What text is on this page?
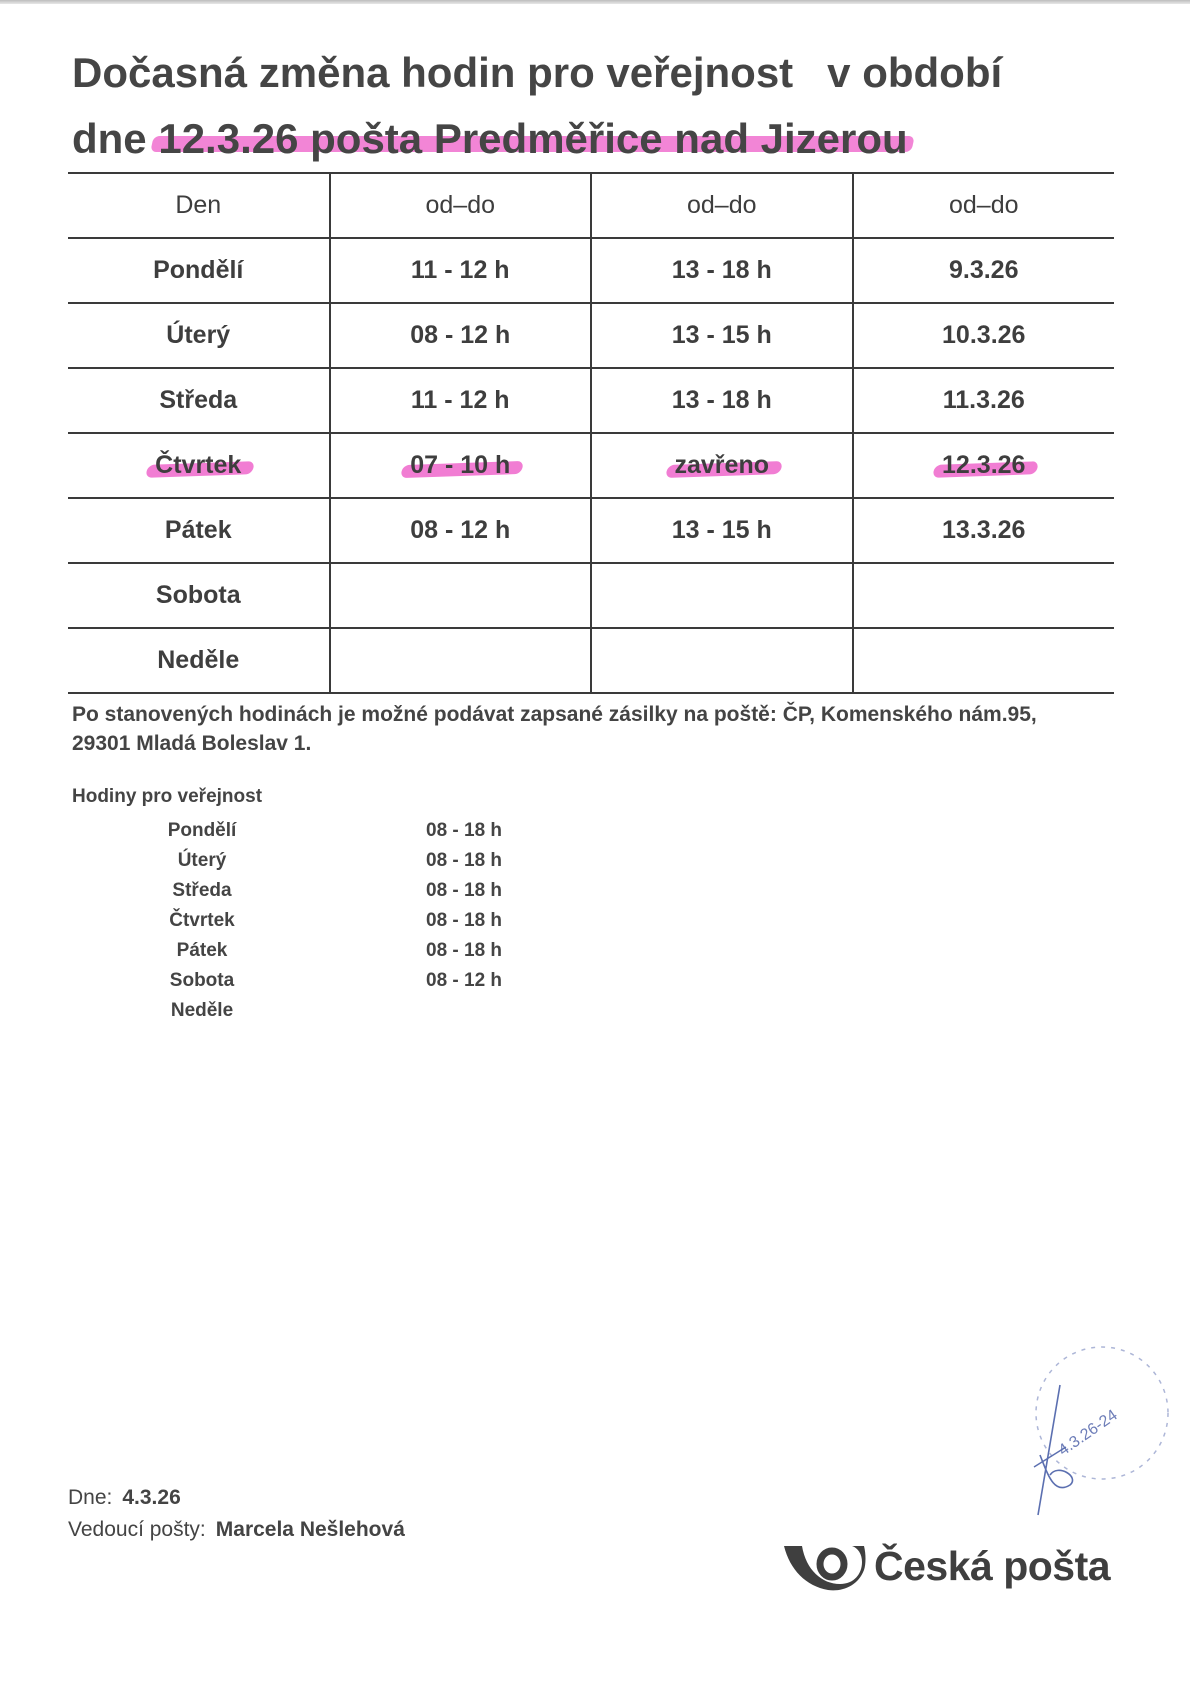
Dočasná změna hodin pro veřejnost v období
dne 12.3.26 pošta Predměřice nad Jizerou
Den	od–do	od–do	od–do
Pondělí	11 - 12 h	13 - 18 h	9.3.26
Úterý	08 - 12 h	13 - 15 h	10.3.26
Středa	11 - 12 h	13 - 18 h	11.3.26
Čtvrtek	07 - 10 h	zavřeno	12.3.26
Pátek	08 - 12 h	13 - 15 h	13.3.26
Sobota			
Neděle			

Po stanovených hodinách je možné podávat zapsané zásilky na poště: ČP, Komenského nám.95, 29301 Mladá Boleslav 1.

Hodiny pro veřejnost
Pondělí	08 - 18 h
Úterý	08 - 18 h
Středa	08 - 18 h
Čtvrtek	08 - 18 h
Pátek	08 - 18 h
Sobota	08 - 12 h
Neděle
4.3.26-24
Dne: 4.3.26
Vedoucí pošty: Marcela Nešlehová
Česká pošta
